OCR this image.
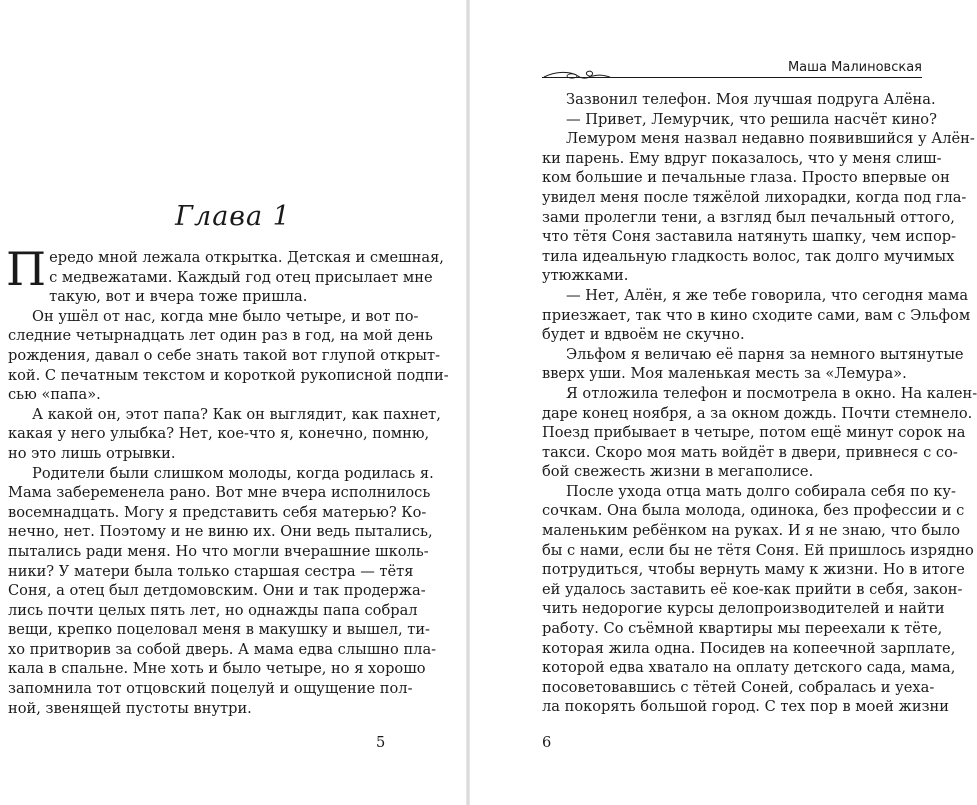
Глава 1
П ередо мной лежала открытка. Детская и смешная,
с медвежатами. Каждый год отец присылает мне
такую, вот и вчера тоже пришла.
Он ушёл от нас, когда мне было четыре, и вот по-
следние четырнадцать лет один раз в год, на мой день
рождения, давал о себе знать такой вот глупой открыт-
кой. С печатным текстом и короткой рукописной подпи-
сью «папа».
А какой он, этот папа? Как он выглядит, как пахнет,
какая у него улыбка? Нет, кое-что я, конечно, помню,
но это лишь отрывки.
Родители были слишком молоды, когда родилась я.
Мама забеременела рано. Вот мне вчера исполнилось
восемнадцать. Могу я представить себя матерью? Ко-
нечно, нет. Поэтому и не виню их. Они ведь пытались,
пытались ради меня. Но что могли вчерашние школь-
ники? У матери была только старшая сестра — тётя
Соня, а отец был детдомовским. Они и так продержа-
лись почти целых пять лет, но однажды папа собрал
вещи, крепко поцеловал меня в макушку и вышел, ти-
хо притворив за собой дверь. А мама едва слышно пла-
кала в спальне. Мне хоть и было четыре, но я хорошо
запомнила тот отцовский поцелуй и ощущение пол-
ной, звенящей пустоты внутри.
5
Маша Малиновская
Зазвонил телефон. Моя лучшая подруга Алёна.
— Привет, Лемурчик, что решила насчёт кино?
Лемуром меня назвал недавно появившийся у Алён-
ки парень. Ему вдруг показалось, что у меня слиш-
ком большие и печальные глаза. Просто впервые он
увидел меня после тяжёлой лихорадки, когда под гла-
зами пролегли тени, а взгляд был печальный оттого,
что тётя Соня заставила натянуть шапку, чем испор-
тила идеальную гладкость волос, так долго мучимых
утюжками.
— Нет, Алён, я же тебе говорила, что сегодня мама
приезжает, так что в кино сходите сами, вам с Эльфом
будет и вдвоём не скучно.
Эльфом я величаю её парня за немного вытянутые
вверх уши. Моя маленькая месть за «Лемура».
Я отложила телефон и посмотрела в окно. На кален-
даре конец ноября, а за окном дождь. Почти стемнело.
Поезд прибывает в четыре, потом ещё минут сорок на
такси. Скоро моя мать войдёт в двери, привнеся с со-
бой свежесть жизни в мегаполисе.
После ухода отца мать долго собирала себя по ку-
сочкам. Она была молода, одинока, без профессии и с
маленьким ребёнком на руках. И я не знаю, что было
бы с нами, если бы не тётя Соня. Ей пришлось изрядно
потрудиться, чтобы вернуть маму к жизни. Но в итоге
ей удалось заставить её кое-как прийти в себя, закон-
чить недорогие курсы делопроизводителей и найти
работу. Со съёмной квартиры мы переехали к тёте,
которая жила одна. Посидев на копеечной зарплате,
которой едва хватало на оплату детского сада, мама,
посоветовавшись с тётей Соней, собралась и уеха-
ла покорять большой город. С тех пор в моей жизни
6
